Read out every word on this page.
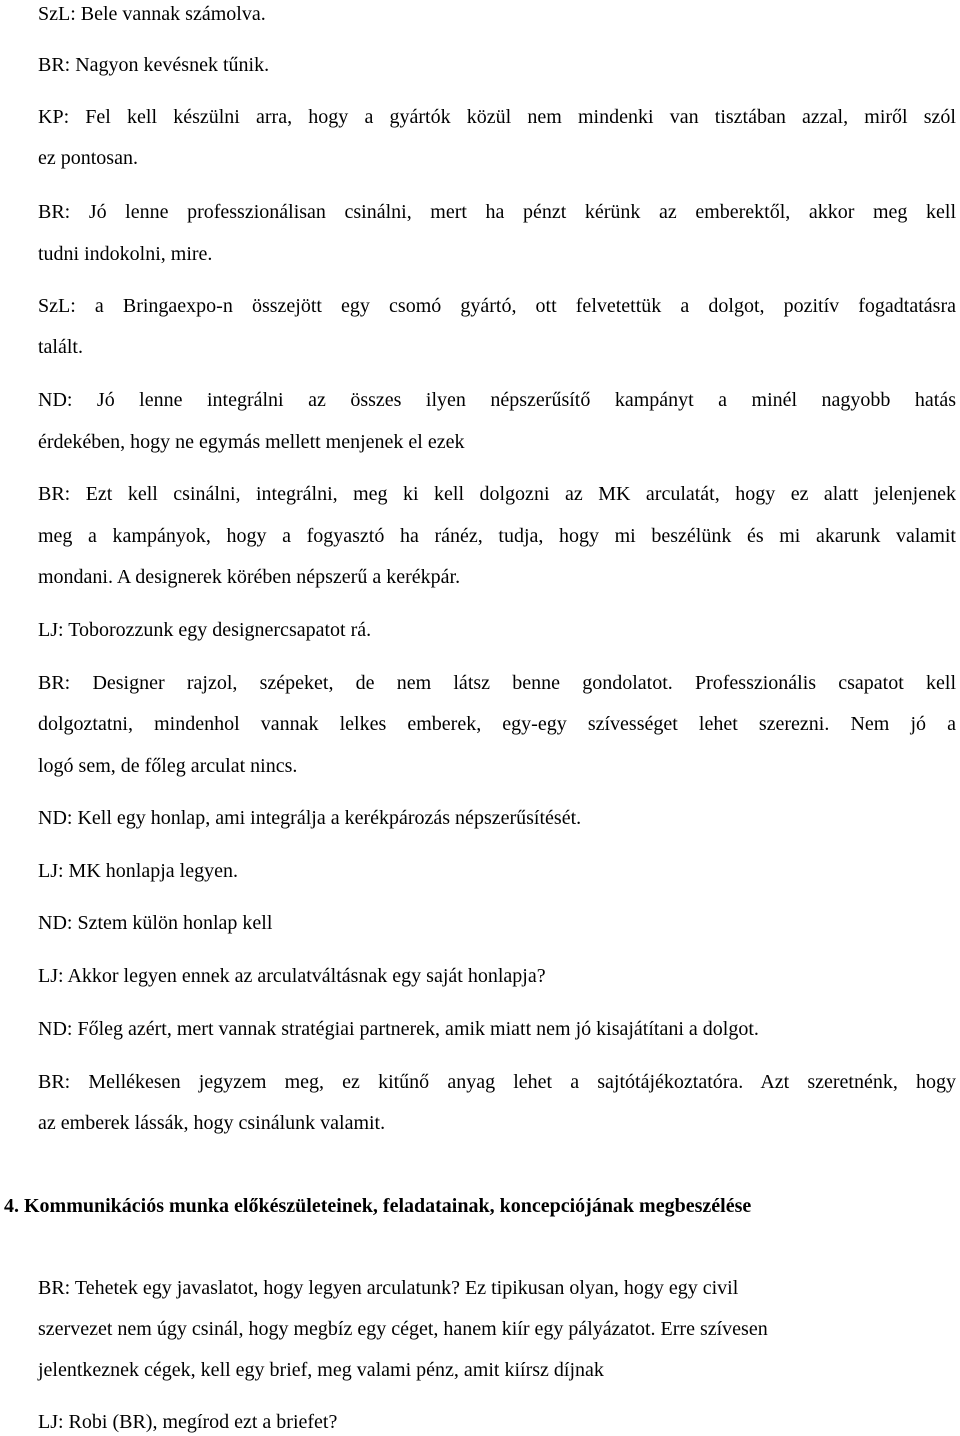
SzL: Bele vannak számolva.
BR: Nagyon kevésnek tűnik.
KP: Fel kell készülni arra, hogy a gyártók közül nem mindenki van tisztában azzal, miről szól
ez pontosan.
BR: Jó lenne professzionálisan csinálni, mert ha pénzt kérünk az emberektől, akkor meg kell
tudni indokolni, mire.
SzL: a Bringaexpo-n összejött egy csomó gyártó, ott felvetettük a dolgot, pozitív fogadtatásra
talált.
ND: Jó lenne integrálni az összes ilyen népszerűsítő kampányt a minél nagyobb hatás
érdekében, hogy ne egymás mellett menjenek el ezek
BR: Ezt kell csinálni, integrálni, meg ki kell dolgozni az MK arculatát, hogy ez alatt jelenjenek
meg a kampányok, hogy a fogyasztó ha ránéz, tudja, hogy mi beszélünk és mi akarunk valamit
mondani. A designerek körében népszerű a kerékpár.
LJ: Toborozzunk egy designercsapatot rá.
BR: Designer rajzol, szépeket, de nem látsz benne gondolatot. Professzionális csapatot kell
dolgoztatni, mindenhol vannak lelkes emberek, egy-egy szívességet lehet szerezni. Nem jó a
logó sem, de főleg arculat nincs.
ND: Kell egy honlap, ami integrálja a kerékpározás népszerűsítését.
LJ: MK honlapja legyen.
ND: Sztem külön honlap kell
LJ: Akkor legyen ennek az arculatváltásnak egy saját honlapja?
ND: Főleg azért, mert vannak stratégiai partnerek, amik miatt nem jó kisajátítani a dolgot.
BR: Mellékesen jegyzem meg, ez kitűnő anyag lehet a sajtótájékoztatóra. Azt szeretnénk, hogy
az emberek lássák, hogy csinálunk valamit.
4. Kommunikációs munka előkészületeinek, feladatainak, koncepciójának megbeszélése
BR: Tehetek egy javaslatot, hogy legyen arculatunk? Ez tipikusan olyan, hogy egy civil
szervezet nem úgy csinál, hogy megbíz egy céget, hanem kiír egy pályázatot. Erre szívesen
jelentkeznek cégek, kell egy brief, meg valami pénz, amit kiírsz díjnak
LJ: Robi (BR), megírod ezt a briefet?
